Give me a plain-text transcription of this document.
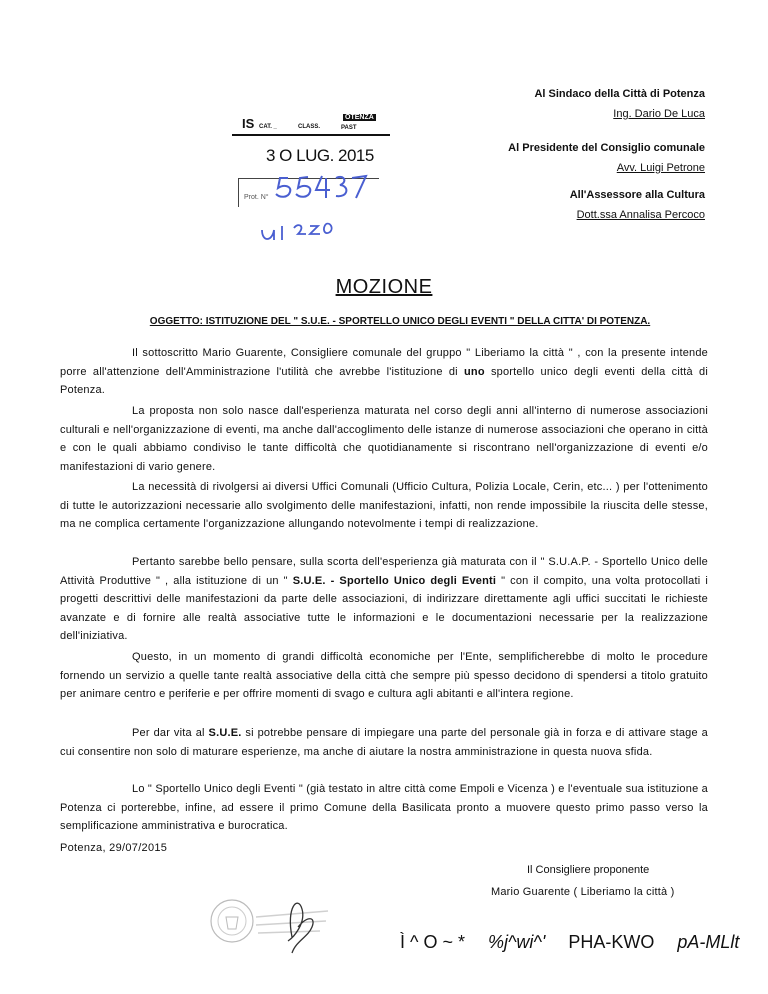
Al Sindaco della Città di Potenza
Ing. Dario De Luca
Al Presidente del Consiglio comunale
Avv. Luigi Petrone
All'Assessore alla Cultura
Dott.ssa Annalisa Percoco
IS CAT. _	CLASS.
OTENZA
PAST
3 O LUG. 2015
Prot. N°
MOZIONE
OGGETTO: ISTITUZIONE DEL " S.U.E. - SPORTELLO UNICO DEGLI EVENTI " DELLA CITTA' DI POTENZA.

Il sottoscritto Mario Guarente, Consigliere comunale del gruppo " Liberiamo la città " , con la presente intende porre all'attenzione dell'Amministrazione l'utilità che avrebbe l'istituzione di uno sportello unico degli eventi della città di Potenza.

La proposta non solo nasce dall'esperienza maturata nel corso degli anni all'interno di numerose associazioni culturali e nell'organizzazione di eventi, ma anche dall'accoglimento delle istanze di numerose associazioni che operano in città e con le quali abbiamo condiviso le tante difficoltà che quotidianamente si riscontrano nell'organizzazione di eventi e/o manifestazioni di vario genere.

La necessità di rivolgersi ai diversi Uffici Comunali (Ufficio Cultura, Polizia Locale, Cerin, etc... ) per l'ottenimento di tutte le autorizzazioni necessarie allo svolgimento delle manifestazioni, infatti, non rende impossibile la riuscita delle stesse, ma ne complica certamente l'organizzazione allungando notevolmente i tempi di realizzazione.

Pertanto sarebbe bello pensare, sulla scorta dell'esperienza già maturata con il " S.U.A.P. - Sportello Unico delle Attività Produttive " , alla istituzione di un " S.U.E. - Sportello Unico degli Eventi " con il compito, una volta protocollati i progetti descrittivi delle manifestazioni da parte delle associazioni, di indirizzare direttamente agli uffici succitati le richieste avanzate e di fornire alle realtà associative tutte le informazioni e le documentazioni necessarie per la realizzazione dell'iniziativa.

Questo, in un momento di grandi difficoltà economiche per l'Ente, semplificherebbe di molto le procedure fornendo un servizio a quelle tante realtà associative della città che sempre più spesso decidono di spendersi a titolo gratuito per animare centro e periferie e per offrire momenti di svago e cultura agli abitanti e all'intera regione.

Per dar vita al S.U.E. si potrebbe pensare di impiegare una parte del personale già in forza e di attivare stage a cui consentire non solo di maturare esperienze, ma anche di aiutare la nostra amministrazione in questa nuova sfida.

Lo " Sportello Unico degli Eventi " (già testato in altre città come Empoli e Vicenza ) e l'eventuale sua istituzione a Potenza ci porterebbe, infine, ad essere il primo Comune della Basilicata pronto a muovere questo primo passo verso la semplificazione amministrativa e burocratica.

Potenza, 29/07/2015
Il Consigliere proponente
Mario Guarente ( Liberiamo la città )
Ì ^ O ~ * %j^wi^' PHA-KWO pA-MLlt
